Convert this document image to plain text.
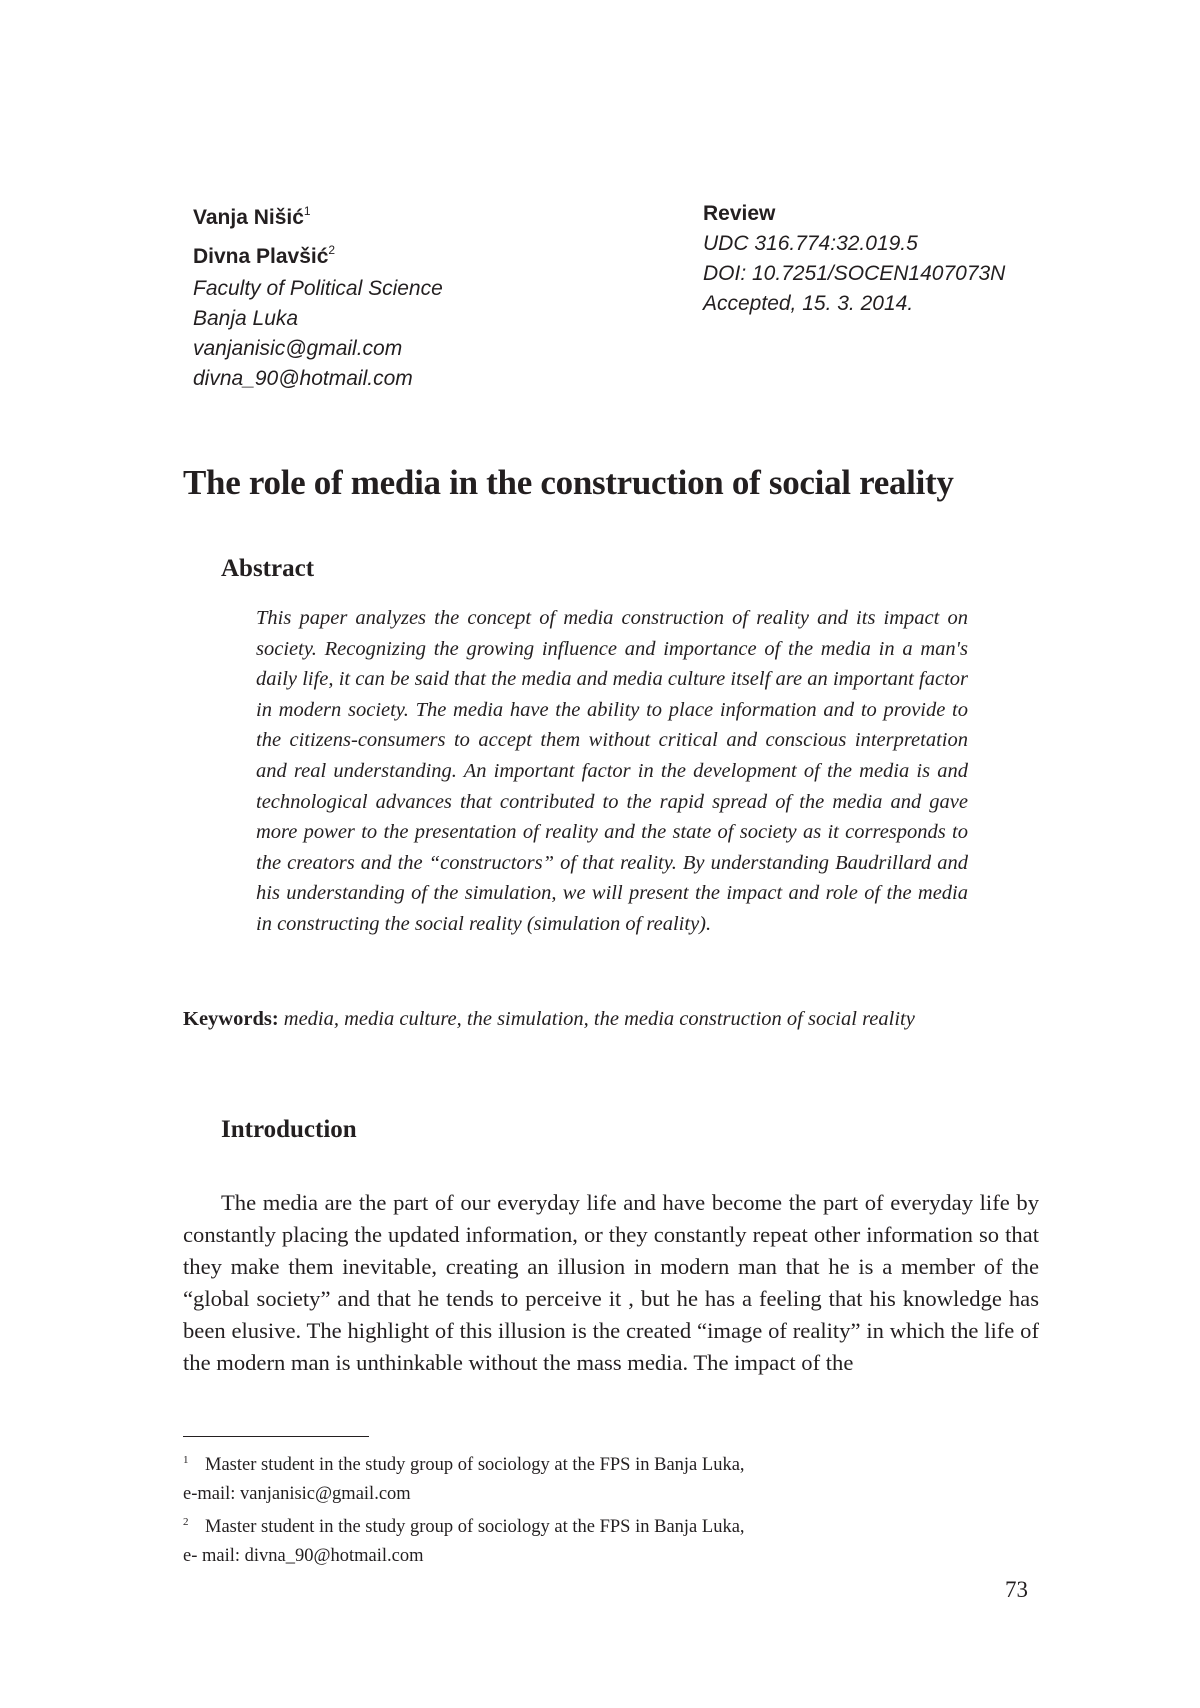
Vanja Nišić$^1$
Divna Plavšić$^2$
Faculty of Political Science
Banja Luka
vanjanisic@gmail.com
divna_90@hotmail.com
Review
UDC 316.774:32.019.5
DOI: 10.7251/SOCEN1407073N
Accepted, 15. 3. 2014.
The role of media in the construction of social reality
Abstract

This paper analyzes the concept of media construction of reality and its impact on society. Recognizing the growing influence and importance of the media in a man's daily life, it can be said that the media and media culture itself are an important factor in modern society. The media have the ability to place information and to provide to the citizens-consumers to accept them without critical and conscious interpretation and real understanding. An important factor in the development of the media is and technological advances that contributed to the rapid spread of the media and gave more power to the presentation of reality and the state of society as it corresponds to the creators and the “constructors” of that reality. By understanding Baudrillard and his understanding of the simulation, we will present the impact and role of the media in constructing the social reality (simulation of reality).

Keywords: media, media culture, the simulation, the media construction of social reality

Introduction

The media are the part of our everyday life and have become the part of everyday life by constantly placing the updated information, or they constantly repeat other information so that they make them inevitable, creating an illusion in modern man that he is a member of the “global society” and that he tends to perceive it , but he has a feeling that his knowledge has been elusive. The highlight of this illusion is the created “image of reality” in which the life of the modern man is unthinkable without the mass media. The impact of the

1 Master student in the study group of sociology at the FPS in Banja Luka,
e-mail: vanjanisic@gmail.com
2 Master student in the study group of sociology at the FPS in Banja Luka,
e- mail: divna_90@hotmail.com
73
